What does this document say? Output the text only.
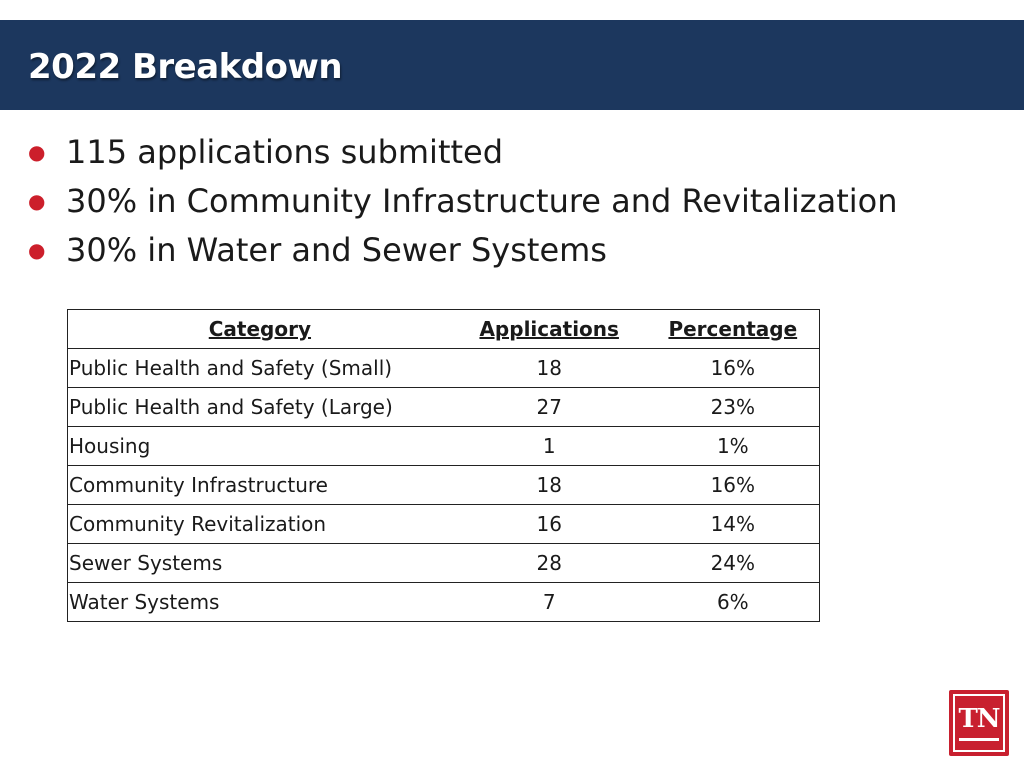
2022 Breakdown
● 115 applications submitted
● 30% in Community Infrastructure and Revitalization
● 30% in Water and Sewer Systems
Category	Applications	Percentage
Public Health and Safety (Small)	18	16%
Public Health and Safety (Large)	27	23%
Housing	1	1%
Community Infrastructure	18	16%
Community Revitalization	16	14%
Sewer Systems	28	24%
Water Systems	7	6%
TN
